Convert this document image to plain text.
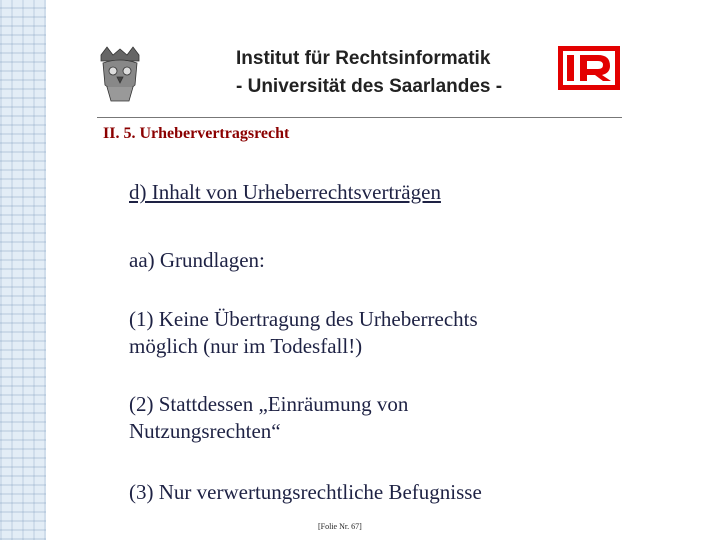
Institut für Rechtsinformatik
- Universität des Saarlandes -
II. 5. Urhebervertragsrecht
d) Inhalt von Urheberrechtsverträgen
aa) Grundlagen:
(1) Keine Übertragung des Urheberrechts
möglich (nur im Todesfall!)
(2) Stattdessen „Einräumung von
Nutzungsrechten“
(3) Nur verwertungsrechtliche Befugnisse
[Folie Nr. 67]
